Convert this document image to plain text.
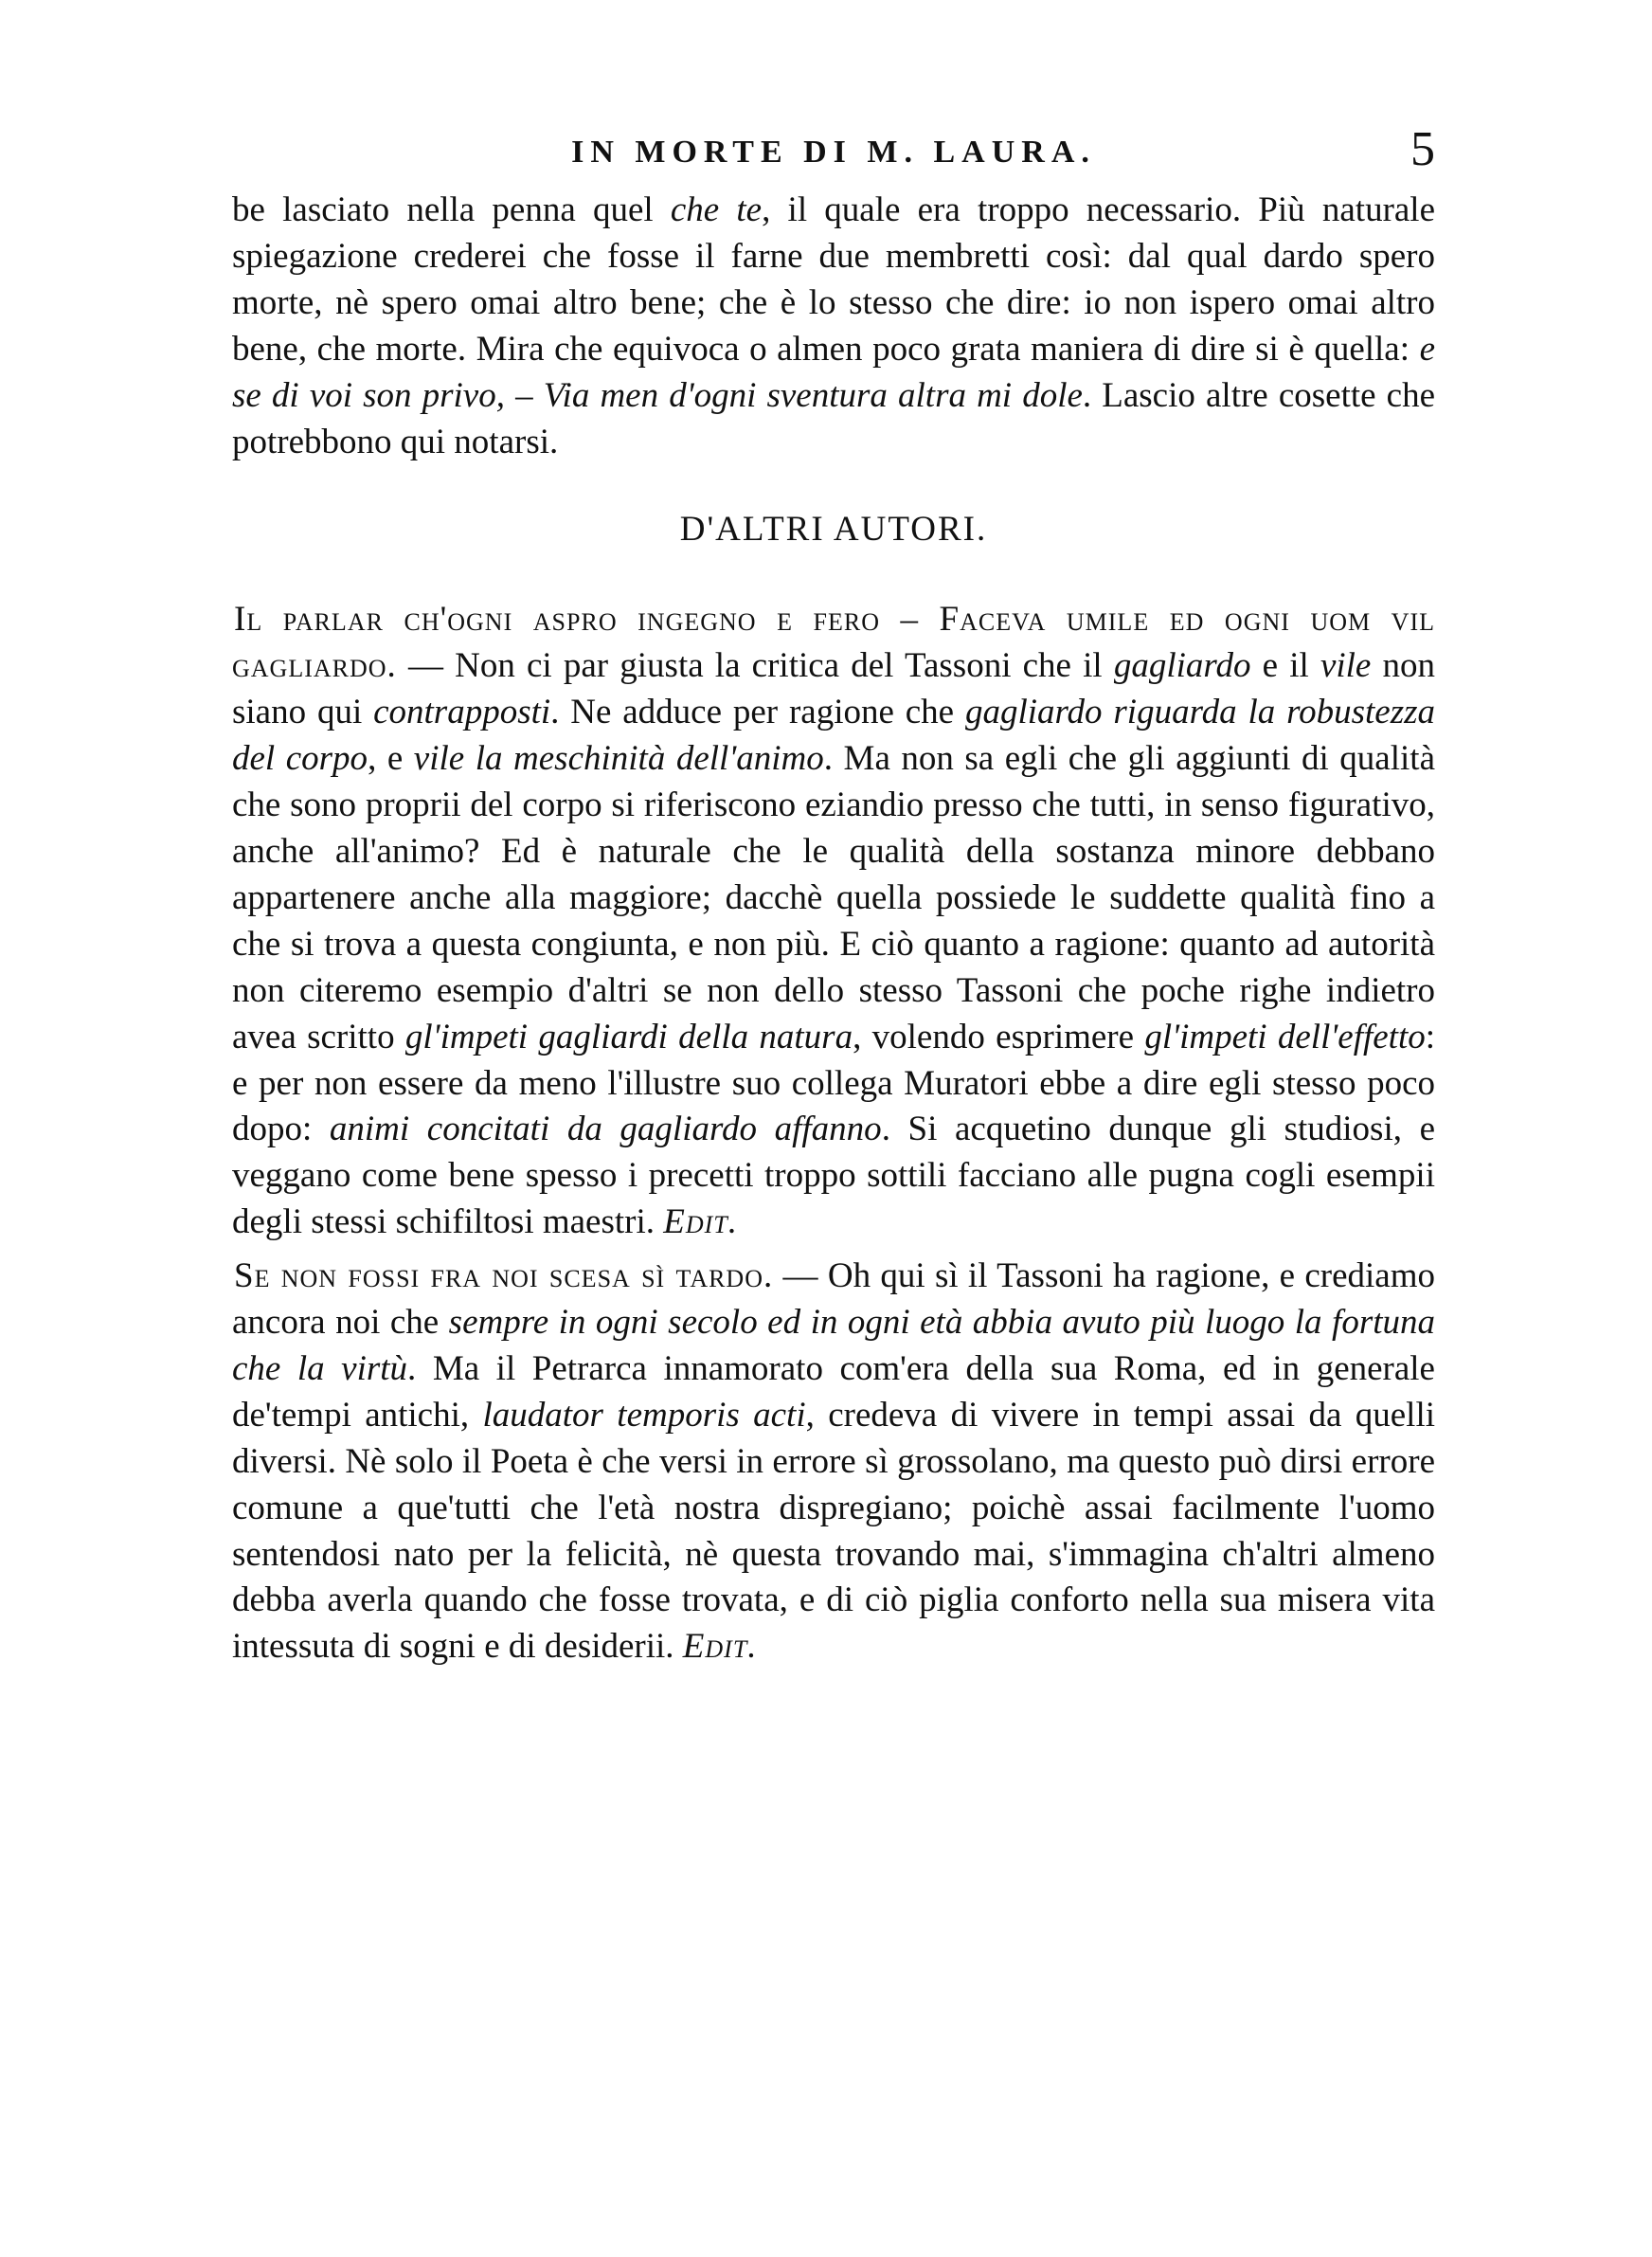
IN MORTE DI M. LAURA.	5

be lasciato nella penna quel che te, il quale era troppo necessario. Più naturale spiegazione crederei che fosse il farne due membretti così: dal qual dardo spero morte, nè spero omai altro bene; che è lo stesso che dire: io non ispero omai altro bene, che morte. Mira che equivoca o almen poco grata maniera di dire si è quella: e se di voi son privo, – Via men d'ogni sventura altra mi dole. Lascio altre cosette che potrebbono qui notarsi.

D'ALTRI AUTORI.

Il parlar ch'ogni aspro ingegno e fero – Faceva umile ed ogni uom vil gagliardo. — Non ci par giusta la critica del Tassoni che il gagliardo e il vile non siano qui contrapposti. Ne adduce per ragione che gagliardo riguarda la robustezza del corpo, e vile la meschinità dell'animo. Ma non sa egli che gli aggiunti di qualità che sono proprii del corpo si riferiscono eziandio presso che tutti, in senso figurativo, anche all'animo? Ed è naturale che le qualità della sostanza minore debbano appartenere anche alla maggiore; dacchè quella possiede le suddette qualità fino a che si trova a questa congiunta, e non più. E ciò quanto a ragione: quanto ad autorità non citeremo esempio d'altri se non dello stesso Tassoni che poche righe indietro avea scritto gl'impeti gagliardi della natura, volendo esprimere gl'impeti dell'effetto: e per non essere da meno l'illustre suo collega Muratori ebbe a dire egli stesso poco dopo: animi concitati da gagliardo affanno. Si acquetino dunque gli studiosi, e veggano come bene spesso i precetti troppo sottili facciano alle pugna cogli esempii degli stessi schifiltosi maestri. Edit.

Se non fossi fra noi scesa sì tardo. — Oh qui sì il Tassoni ha ragione, e crediamo ancora noi che sempre in ogni secolo ed in ogni età abbia avuto più luogo la fortuna che la virtù. Ma il Petrarca innamorato com'era della sua Roma, ed in generale de'tempi antichi, laudator temporis acti, credeva di vivere in tempi assai da quelli diversi. Nè solo il Poeta è che versi in errore sì grossolano, ma questo può dirsi errore comune a que'tutti che l'età nostra dispregiano; poichè assai facilmente l'uomo sentendosi nato per la felicità, nè questa trovando mai, s'immagina ch'altri almeno debba averla quando che fosse trovata, e di ciò piglia conforto nella sua misera vita intessuta di sogni e di desiderii. Edit.
